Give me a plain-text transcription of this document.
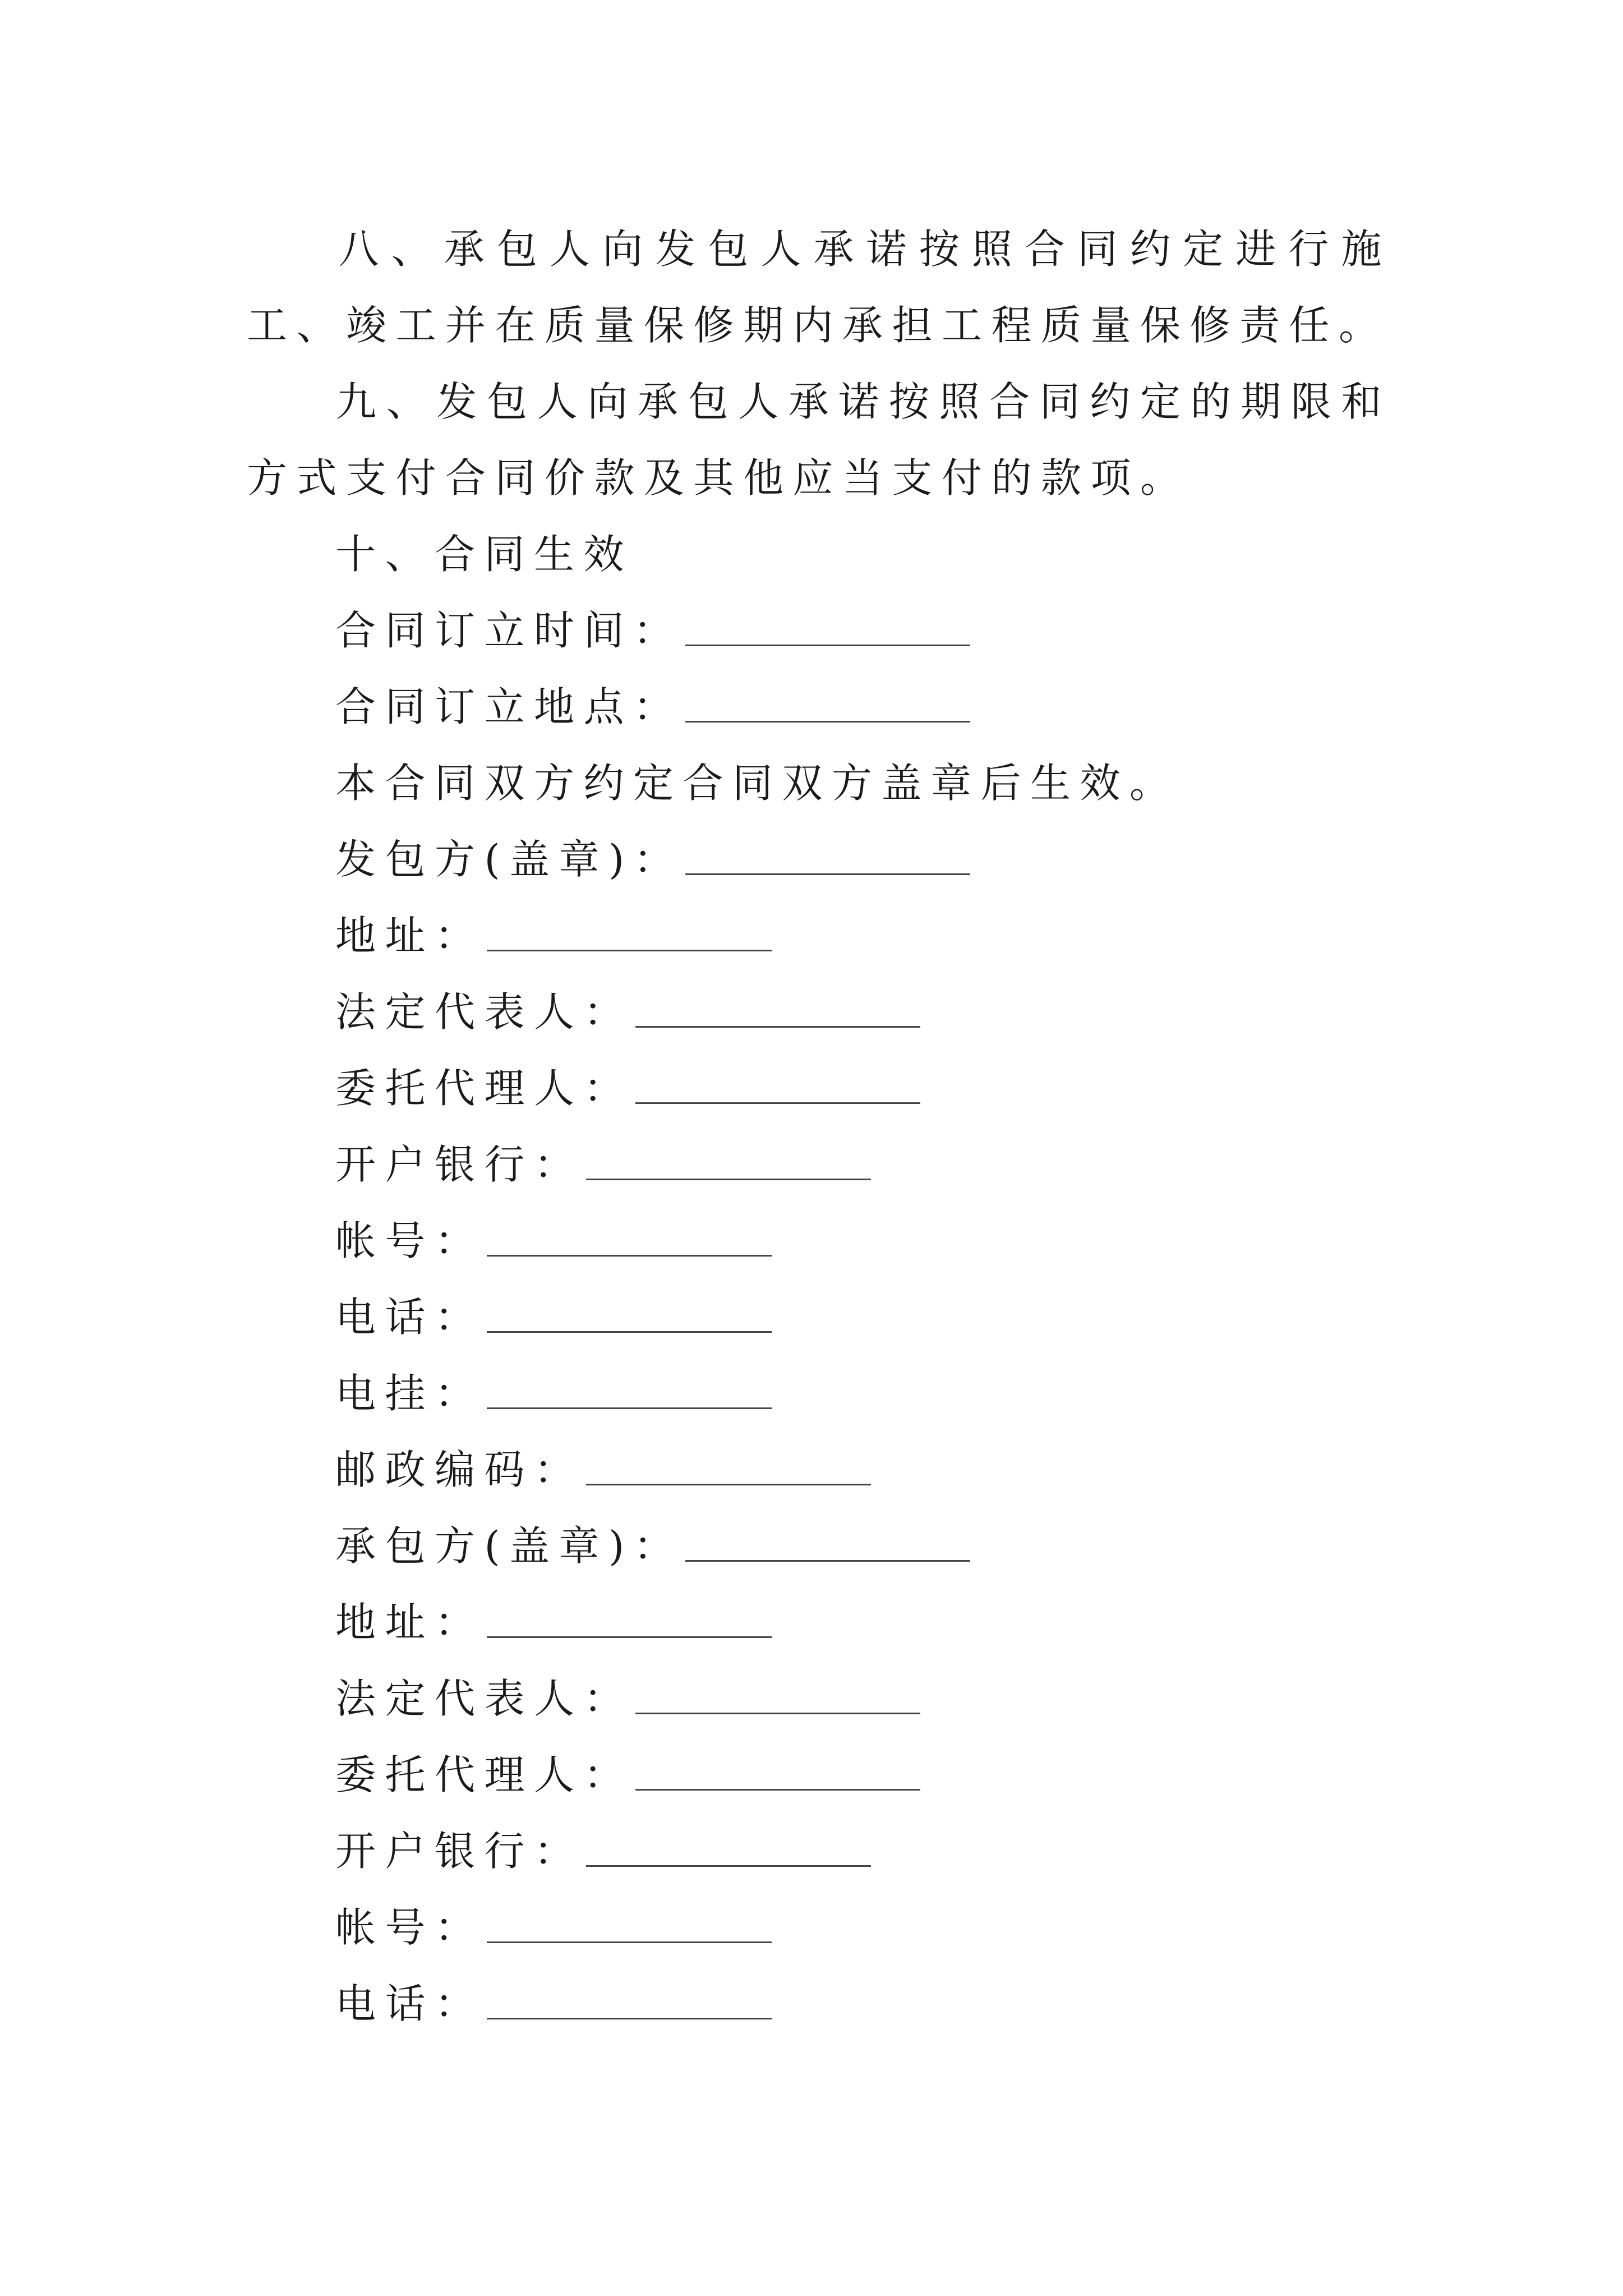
八、承包人向发包人承诺按照合同约定进行施工、竣工并在质量保修期内承担工程质量保修责任。

九、发包人向承包人承诺按照合同约定的期限和方式支付合同价款及其他应当支付的款项。

十、合同生效

合同订立时间：

合同订立地点：

本合同双方约定合同双方盖章后生效。

发包方(盖章)：

地址：

法定代表人：

委托代理人：

开户银行：

帐号：

电话：

电挂：

邮政编码：

承包方(盖章)：

地址：

法定代表人：

委托代理人：

开户银行：

帐号：

电话：
